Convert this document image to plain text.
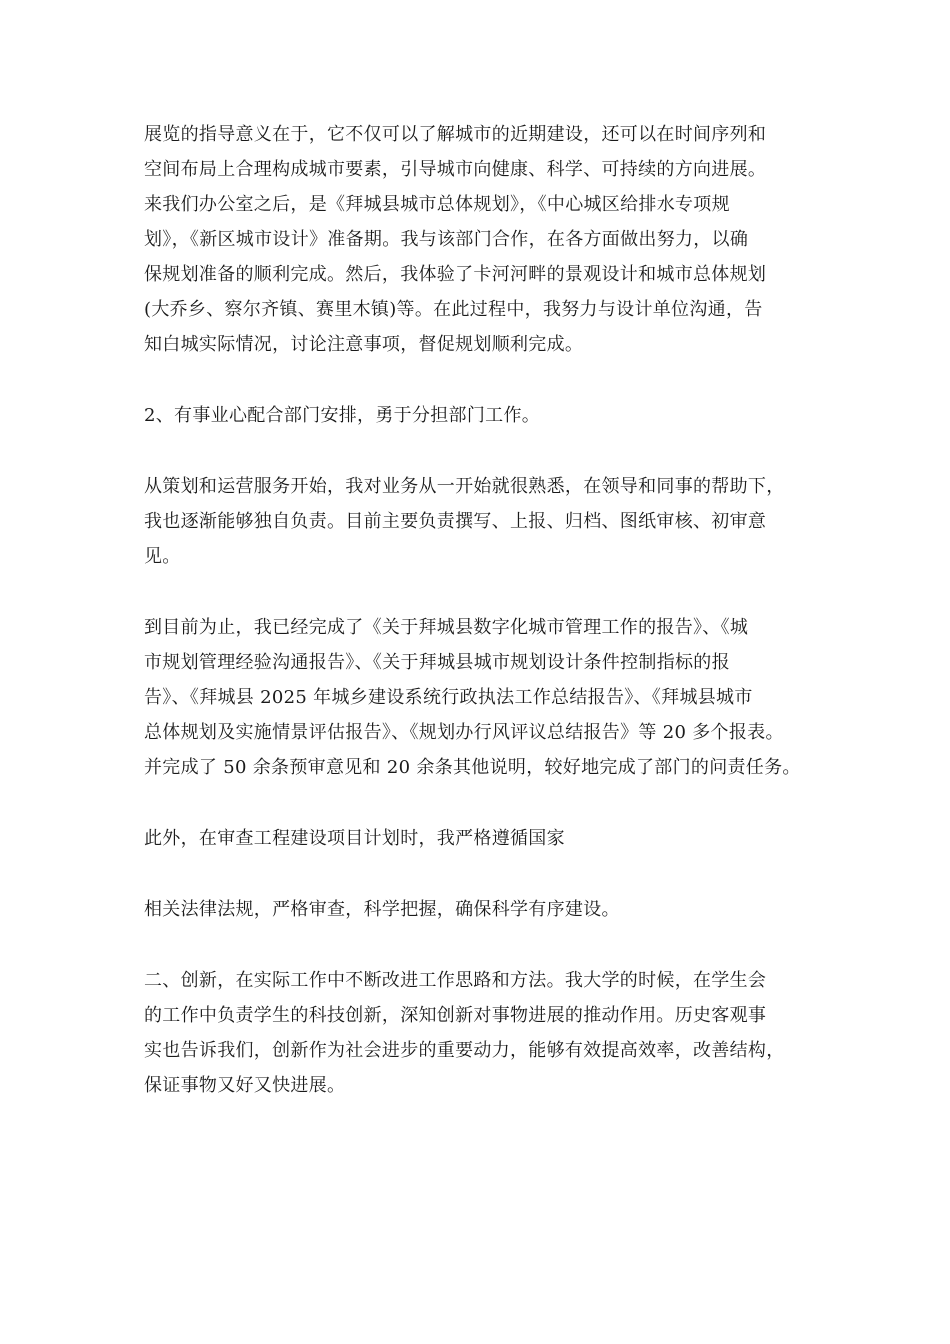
展览的指导意义在于，它不仅可以了解城市的近期建设，还可以在时间序列和
空间布局上合理构成城市要素，引导城市向健康、科学、可持续的方向进展。
来我们办公室之后，是《拜城县城市总体规划》，《中心城区给排水专项规
划》，《新区城市设计》准备期。我与该部门合作，在各方面做出努力，以确
保规划准备的顺利完成。然后，我体验了卡河河畔的景观设计和城市总体规划
(大乔乡、察尔齐镇、赛里木镇)等。在此过程中，我努力与设计单位沟通，告
知白城实际情况，讨论注意事项，督促规划顺利完成。
2、有事业心配合部门安排，勇于分担部门工作。
从策划和运营服务开始，我对业务从一开始就很熟悉，在领导和同事的帮助下，
我也逐渐能够独自负责。目前主要负责撰写、上报、归档、图纸审核、初审意
见。
到目前为止，我已经完成了《关于拜城县数字化城市管理工作的报告》、《城
市规划管理经验沟通报告》、《关于拜城县城市规划设计条件控制指标的报
告》、《拜城县 2025 年城乡建设系统行政执法工作总结报告》、《拜城县城市
总体规划及实施情景评估报告》、《规划办行风评议总结报告》等 20 多个报表。
并完成了 50 余条预审意见和 20 余条其他说明，较好地完成了部门的问责任务。
此外，在审查工程建设项目计划时，我严格遵循国家
相关法律法规，严格审查，科学把握，确保科学有序建设。
二、创新，在实际工作中不断改进工作思路和方法。我大学的时候，在学生会
的工作中负责学生的科技创新，深知创新对事物进展的推动作用。历史客观事
实也告诉我们，创新作为社会进步的重要动力，能够有效提高效率，改善结构，
保证事物又好又快进展。
